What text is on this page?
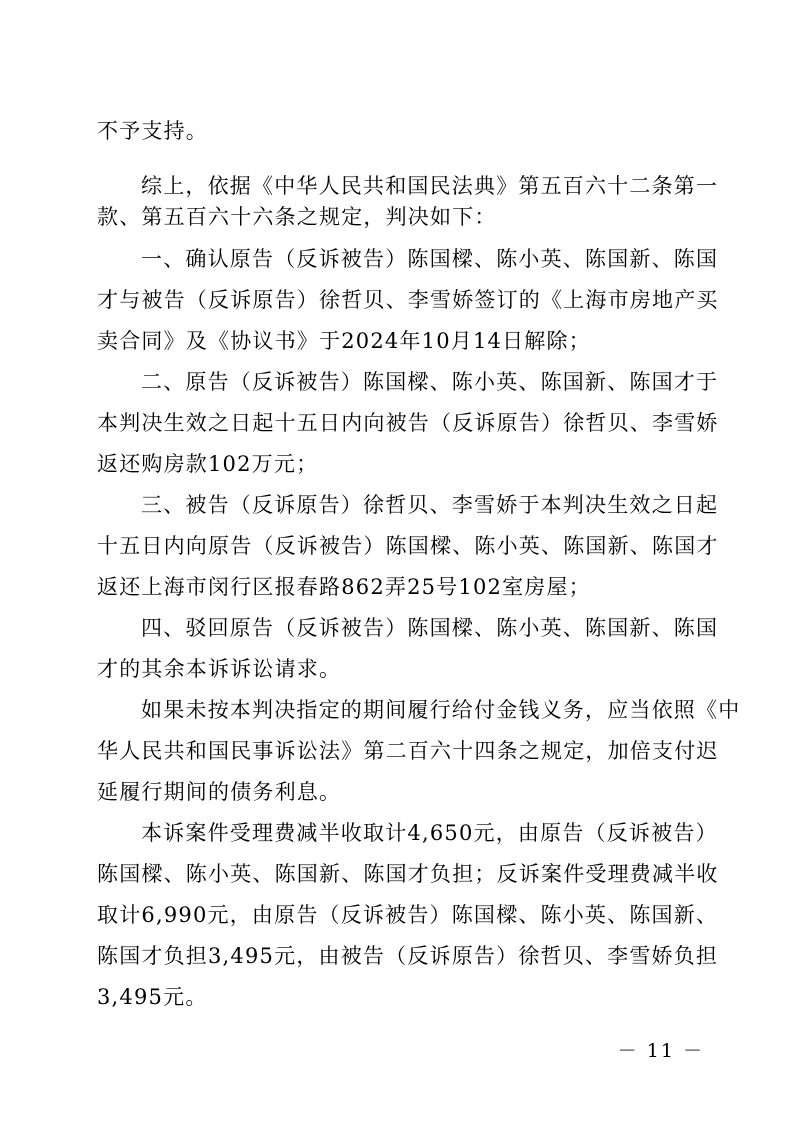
不予支持。
综上，依据《中华人民共和国民法典》第五百六十二条第一
款、第五百六十六条之规定，判决如下：
一、确认原告（反诉被告）陈国樑、陈小英、陈国新、陈国
才与被告（反诉原告）徐哲贝、李雪娇签订的《上海市房地产买
卖合同》及《协议书》于2024年10月14日解除；
二、原告（反诉被告）陈国樑、陈小英、陈国新、陈国才于
本判决生效之日起十五日内向被告（反诉原告）徐哲贝、李雪娇
返还购房款102万元；
三、被告（反诉原告）徐哲贝、李雪娇于本判决生效之日起
十五日内向原告（反诉被告）陈国樑、陈小英、陈国新、陈国才
返还上海市闵行区报春路862弄25号102室房屋；
四、驳回原告（反诉被告）陈国樑、陈小英、陈国新、陈国
才的其余本诉诉讼请求。
如果未按本判决指定的期间履行给付金钱义务，应当依照《中
华人民共和国民事诉讼法》第二百六十四条之规定，加倍支付迟
延履行期间的债务利息。
本诉案件受理费减半收取计4,650元，由原告（反诉被告）
陈国樑、陈小英、陈国新、陈国才负担；反诉案件受理费减半收
取计6,990元，由原告（反诉被告）陈国樑、陈小英、陈国新、
陈国才负担3,495元，由被告（反诉原告）徐哲贝、李雪娇负担
3,495元。
－ 11 －
